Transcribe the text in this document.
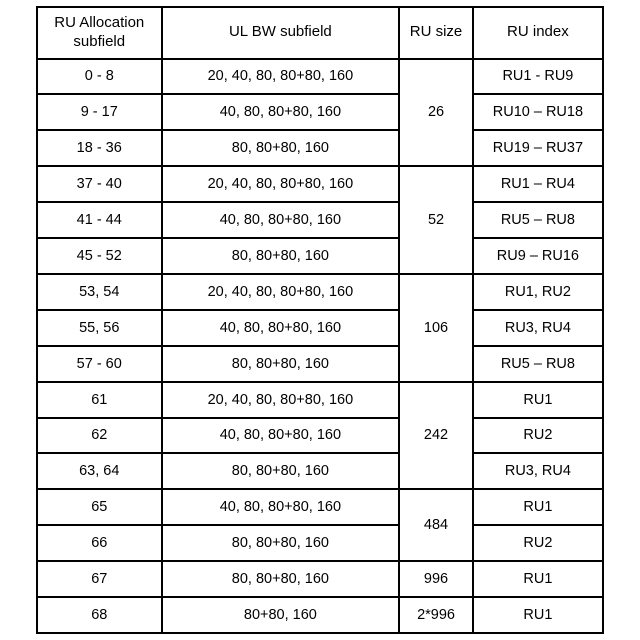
RU Allocation subfield	UL BW subfield	RU size	RU index
0 - 8	20, 40, 80, 80+80, 160	26	RU1 - RU9
9 - 17	40, 80, 80+80, 160		RU10 – RU18
18 - 36	80, 80+80, 160		RU19 – RU37
37 - 40	20, 40, 80, 80+80, 160	52	RU1 – RU4
41 - 44	40, 80, 80+80, 160		RU5 – RU8
45 - 52	80, 80+80, 160		RU9 – RU16
53, 54	20, 40, 80, 80+80, 160	106	RU1, RU2
55, 56	40, 80, 80+80, 160		RU3, RU4
57 - 60	80, 80+80, 160		RU5 – RU8
61	20, 40, 80, 80+80, 160	242	RU1
62	40, 80, 80+80, 160		RU2
63, 64	80, 80+80, 160		RU3, RU4
65	40, 80, 80+80, 160	484	RU1
66	80, 80+80, 160		RU2
67	80, 80+80, 160	996	RU1
68	80+80, 160	2*996	RU1
